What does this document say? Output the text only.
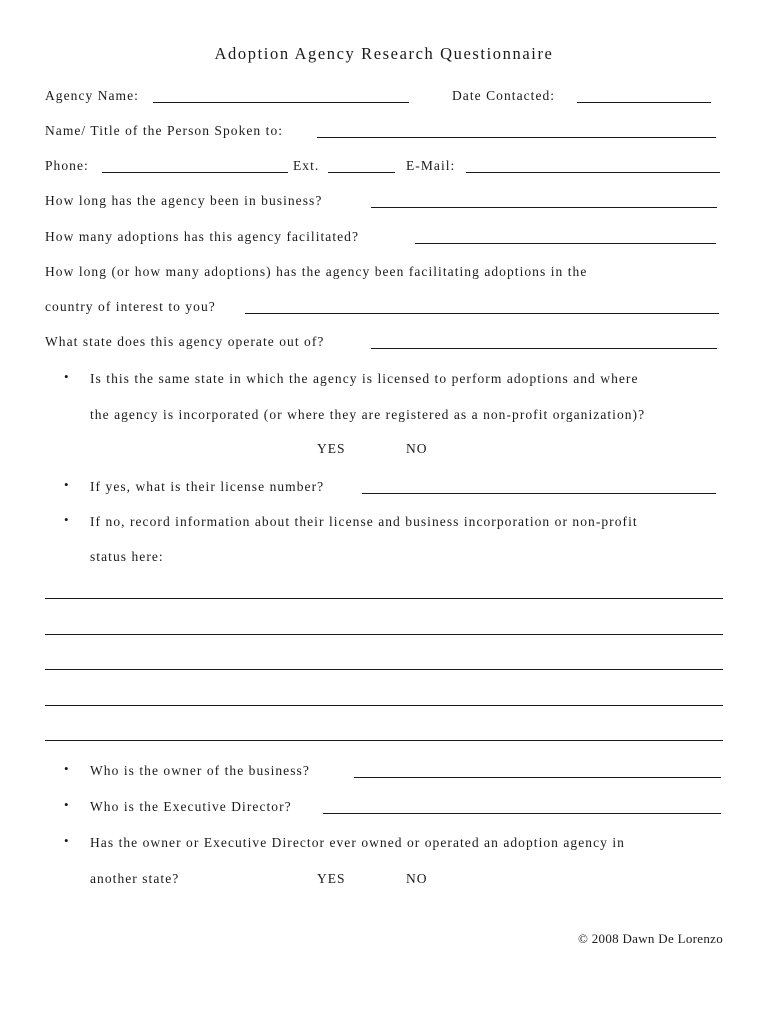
Adoption Agency Research Questionnaire
Agency Name:	Date Contacted:
Name/ Title of the Person Spoken to:
Phone:	Ext.	E-Mail:
How long has the agency been in business?
How many adoptions has this agency facilitated?
How long (or how many adoptions) has the agency been facilitating adoptions in the
country of interest to you?
What state does this agency operate out of?
• Is this the same state in which the agency is licensed to perform adoptions and where
the agency is incorporated (or where they are registered as a non-profit organization)?
YES	NO
• If yes, what is their license number?
• If no, record information about their license and business incorporation or non-profit
status here:
• Who is the owner of the business?
• Who is the Executive Director?
• Has the owner or Executive Director ever owned or operated an adoption agency in
another state?	YES	NO
© 2008 Dawn De Lorenzo
